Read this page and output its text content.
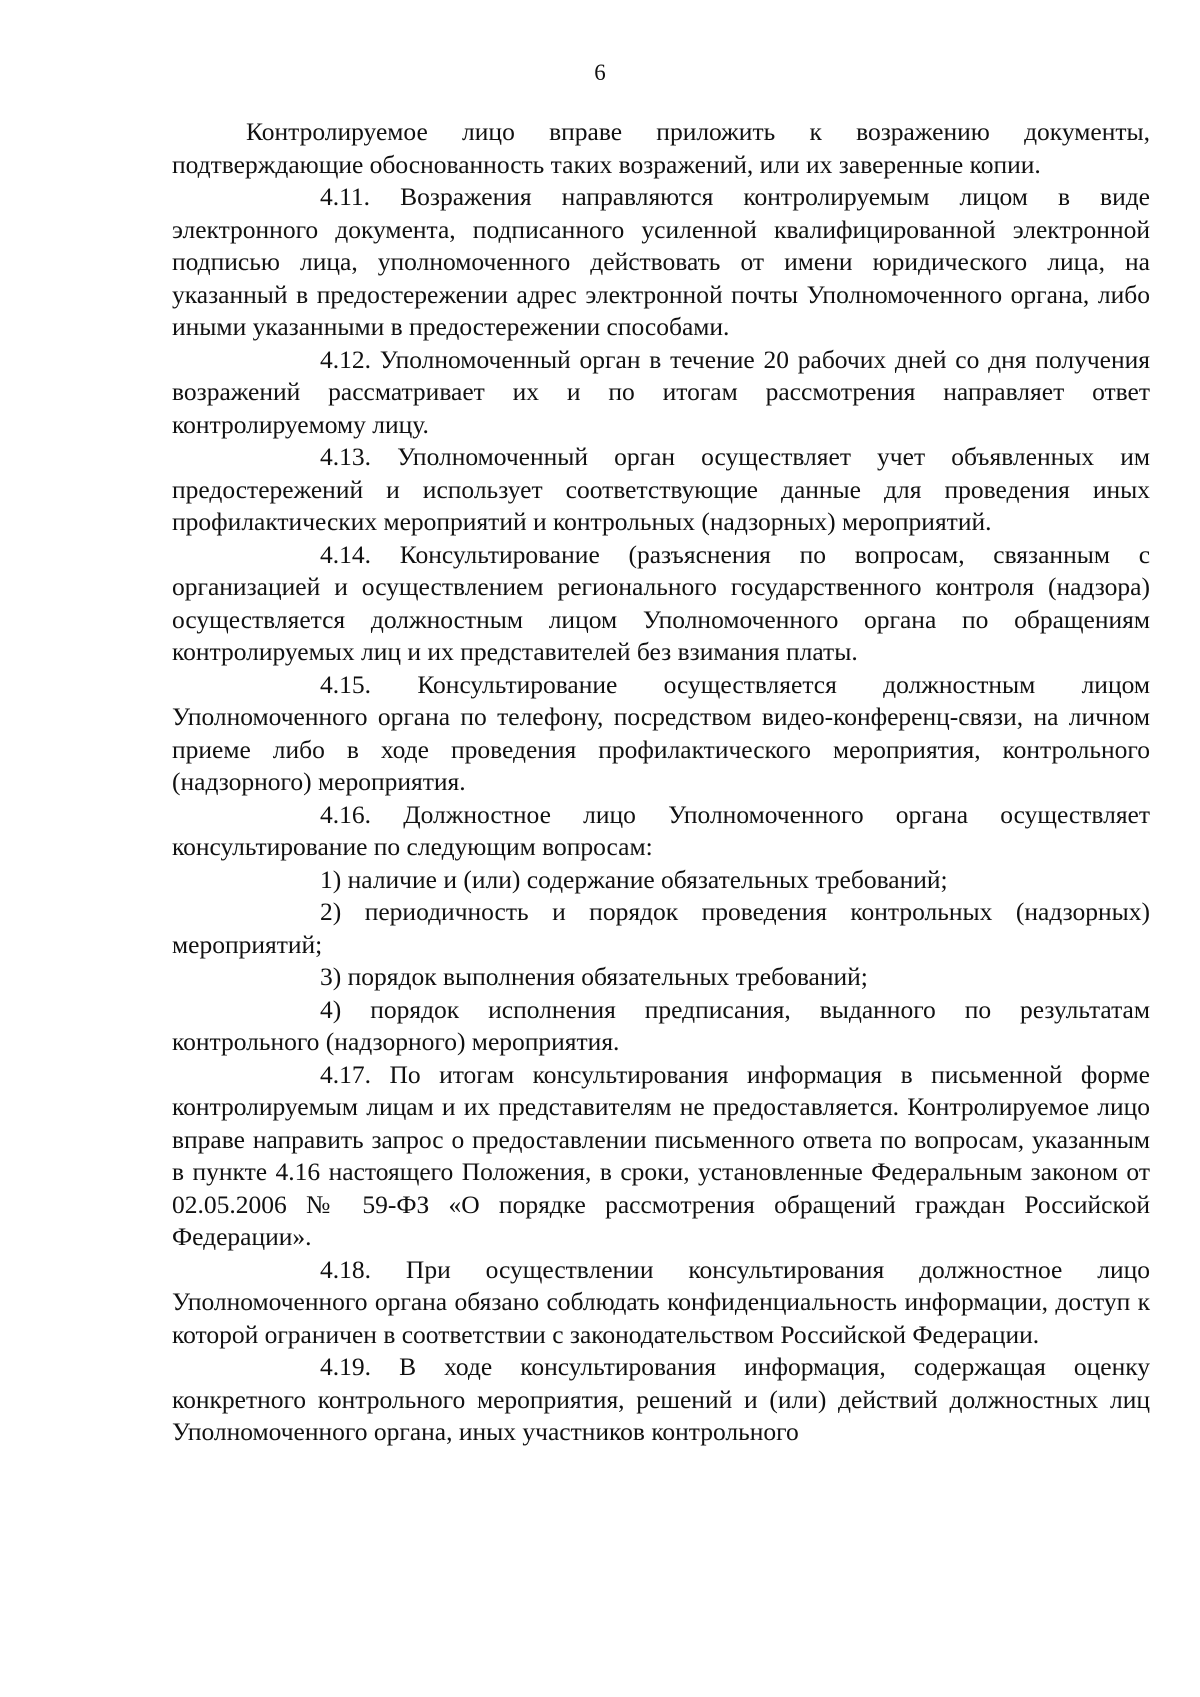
6

Контролируемое лицо вправе приложить к возражению документы, подтверждающие обоснованность таких возражений, или их заверенные копии.

4.11. Возражения направляются контролируемым лицом в виде электронного документа, подписанного усиленной квалифицированной электронной подписью лица, уполномоченного действовать от имени юридического лица, на указанный в предостережении адрес электронной почты Уполномоченного органа, либо иными указанными в предостережении способами.

4.12. Уполномоченный орган в течение 20 рабочих дней со дня получения возражений рассматривает их и по итогам рассмотрения направляет ответ контролируемому лицу.

4.13. Уполномоченный орган осуществляет учет объявленных им предостережений и использует соответствующие данные для проведения иных профилактических мероприятий и контрольных (надзорных) мероприятий.

4.14. Консультирование (разъяснения по вопросам, связанным с организацией и осуществлением регионального государственного контроля (надзора) осуществляется должностным лицом Уполномоченного органа по обращениям контролируемых лиц и их представителей без взимания платы.

4.15. Консультирование осуществляется должностным лицом Уполномоченного органа по телефону, посредством видео-конференц-связи, на личном приеме либо в ходе проведения профилактического мероприятия, контрольного (надзорного) мероприятия.

4.16. Должностное лицо Уполномоченного органа осуществляет консультирование по следующим вопросам:

1) наличие и (или) содержание обязательных требований;

2) периодичность и порядок проведения контрольных (надзорных) мероприятий;

3) порядок выполнения обязательных требований;

4) порядок исполнения предписания, выданного по результатам контрольного (надзорного) мероприятия.

4.17. По итогам консультирования информация в письменной форме контролируемым лицам и их представителям не предоставляется. Контролируемое лицо вправе направить запрос о предоставлении письменного ответа по вопросам, указанным в пункте 4.16 настоящего Положения, в сроки, установленные Федеральным законом от 02.05.2006 № 59-ФЗ «О порядке рассмотрения обращений граждан Российской Федерации».

4.18. При осуществлении консультирования должностное лицо Уполномоченного органа обязано соблюдать конфиденциальность информации, доступ к которой ограничен в соответствии с законодательством Российской Федерации.

4.19. В ходе консультирования информация, содержащая оценку конкретного контрольного мероприятия, решений и (или) действий должностных лиц Уполномоченного органа, иных участников контрольного
